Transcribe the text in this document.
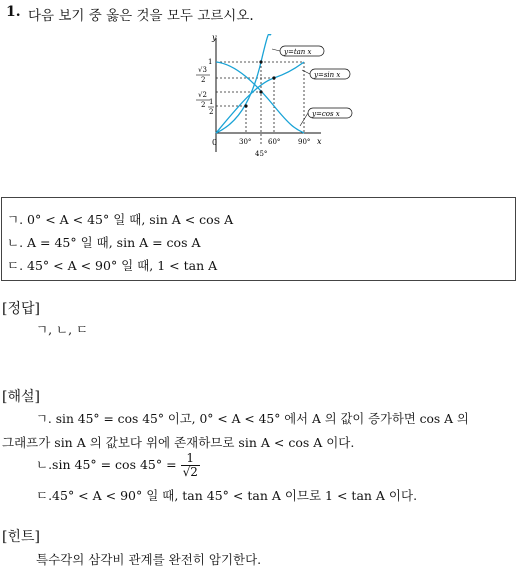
1. 다음 보기 중 옳은 것을 모두 고르시오.
y
x
0
1
√3
2
√2
2 1
2
30° 60°	90°
45°
y=tan x
y=sin x
y=cos x
ㄱ. 0° < A < 45° 일 때, sin A < cos A
ㄴ. A = 45° 일 때, sin A = cos A
ㄷ. 45° < A < 90° 일 때, 1 < tan A
[정답]
ㄱ, ㄴ, ㄷ
[해설]
ㄱ. sin 45° = cos 45° 이고, 0° < A < 45° 에서 A 의 값이 증가하면 cos A 의
그래프가 sin A 의 값보다 위에 존재하므로 sin A < cos A 이다.
ㄴ.sin $45^\circ = \cos 45^\circ = \frac{1}{√2}$
ㄷ.45° < A < 90° 일 때, tan 45° < tan A 이므로 1 < tan A 이다.
[힌트]
특수각의 삼각비 관계를 완전히 암기한다.
